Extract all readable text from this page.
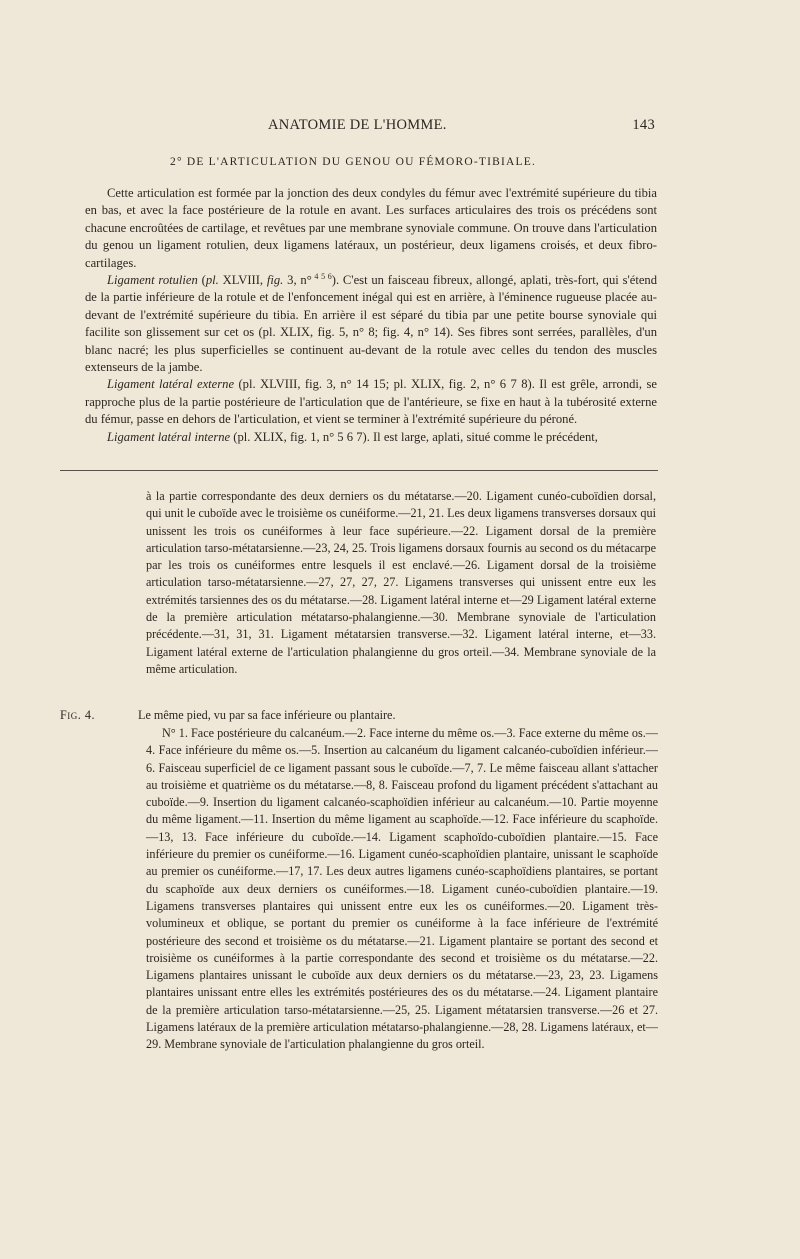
ANATOMIE DE L'HOMME.	143
2° DE L'ARTICULATION DU GENOU OU FÉMORO-TIBIALE.

Cette articulation est formée par la jonction des deux condyles du fémur avec l'extrémité supérieure du tibia en bas, et avec la face postérieure de la rotule en avant. Les surfaces articulaires des trois os précédens sont chacune encroûtées de cartilage, et revêtues par une membrane synoviale commune. On trouve dans l'articulation du genou un ligament rotulien, deux ligamens latéraux, un postérieur, deux ligamens croisés, et deux fibro-cartilages.

Ligament rotulien (pl. XLVIII, fig. 3, n° $^{4 5 6}$). C'est un faisceau fibreux, allongé, aplati, très-fort, qui s'étend de la partie inférieure de la rotule et de l'enfoncement inégal qui est en arrière, à l'éminence rugueuse placée au-devant de l'extrémité supérieure du tibia. En arrière il est séparé du tibia par une petite bourse synoviale qui facilite son glissement sur cet os (pl. XLIX, fig. 5, n° 8; fig. 4, n° 14). Ses fibres sont serrées, parallèles, d'un blanc nacré; les plus superficielles se continuent au-devant de la rotule avec celles du tendon des muscles extenseurs de la jambe.

Ligament latéral externe (pl. XLVIII, fig. 3, n° 14 15; pl. XLIX, fig. 2, n° 6 7 8). Il est grêle, arrondi, se rapproche plus de la partie postérieure de l'articulation que de l'antérieure, se fixe en haut à la tubérosité externe du fémur, passe en dehors de l'articulation, et vient se terminer à l'extrémité supérieure du péroné.

Ligament latéral interne (pl. XLIX, fig. 1, n° 5 6 7). Il est large, aplati, situé comme le précédent,

à la partie correspondante des deux derniers os du métatarse.—20. Ligament cunéo-cuboïdien dorsal, qui unit le cuboïde avec le troisième os cunéiforme.—21, 21. Les deux ligamens transverses dorsaux qui unissent les trois os cunéiformes à leur face supérieure.—22. Ligament dorsal de la première articulation tarso-métatarsienne.—23, 24, 25. Trois ligamens dorsaux fournis au second os du métacarpe par les trois os cunéiformes entre lesquels il est enclavé.—26. Ligament dorsal de la troisième articulation tarso-métatarsienne.—27, 27, 27, 27. Ligamens transverses qui unissent entre eux les extrémités tarsiennes des os du métatarse.—28. Ligament latéral interne et—29 Ligament latéral externe de la première articulation métatarso-phalangienne.—30. Membrane synoviale de l'articulation précédente.—31, 31, 31. Ligament métatarsien transverse.—32. Ligament latéral interne, et—33. Ligament latéral externe de l'articulation phalangienne du gros orteil.—34. Membrane synoviale de la même articulation.

Fig. 4.	Le même pied, vu par sa face inférieure ou plantaire.

N° 1. Face postérieure du calcanéum.—2. Face interne du même os.—3. Face externe du même os.—4. Face inférieure du même os.—5. Insertion au calcanéum du ligament calcanéo-cuboïdien inférieur.—6. Faisceau superficiel de ce ligament passant sous le cuboïde.—7, 7. Le même faisceau allant s'attacher au troisième et quatrième os du métatarse.—8, 8. Faisceau profond du ligament précédent s'attachant au cuboïde.—9. Insertion du ligament calcanéo-scaphoïdien inférieur au calcanéum.—10. Partie moyenne du même ligament.—11. Insertion du même ligament au scaphoïde.—12. Face inférieure du scaphoïde.—13, 13. Face inférieure du cuboïde.—14. Ligament scaphoïdo-cuboïdien plantaire.—15. Face inférieure du premier os cunéiforme.—16. Ligament cunéo-scaphoïdien plantaire, unissant le scaphoïde au premier os cunéiforme.—17, 17. Les deux autres ligamens cunéo-scaphoïdiens plantaires, se portant du scaphoïde aux deux derniers os cunéiformes.—18. Ligament cunéo-cuboïdien plantaire.—19. Ligamens transverses plantaires qui unissent entre eux les os cunéiformes.—20. Ligament très-volumineux et oblique, se portant du premier os cunéiforme à la face inférieure de l'extrémité postérieure des second et troisième os du métatarse.—21. Ligament plantaire se portant des second et troisième os cunéiformes à la partie correspondante des second et troisième os du métatarse.—22. Ligamens plantaires unissant le cuboïde aux deux derniers os du métatarse.—23, 23, 23. Ligamens plantaires unissant entre elles les extrémités postérieures des os du métatarse.—24. Ligament plantaire de la première articulation tarso-métatarsienne.—25, 25. Ligament métatarsien transverse.—26 et 27. Ligamens latéraux de la première articulation métatarso-phalangienne.—28, 28. Ligamens latéraux, et—29. Membrane synoviale de l'articulation phalangienne du gros orteil.
